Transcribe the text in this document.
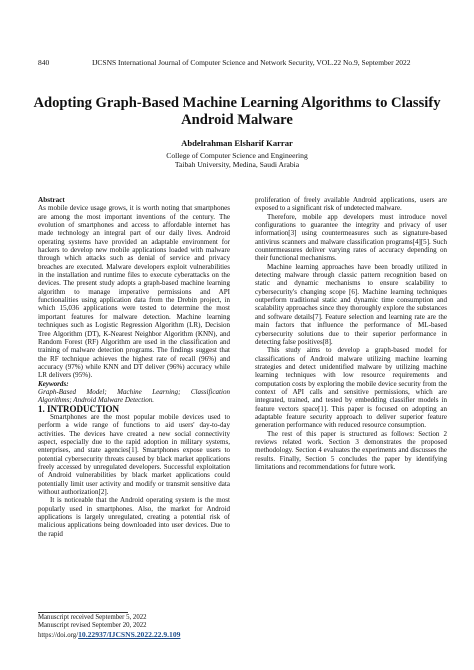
840	IJCSNS International Journal of Computer Science and Network Security, VOL.22 No.9, September 2022
Adopting Graph-Based Machine Learning Algorithms to Classify
Android Malware
Abdelrahman Elsharif Karrar
College of Computer Science and Engineering
Taibah University, Medina, Saudi Arabia

Abstract

As mobile device usage grows, it is worth noting that smartphones are among the most important inventions of the century. The evolution of smartphones and access to affordable internet has made technology an integral part of our daily lives. Android operating systems have provided an adaptable environment for hackers to develop new mobile applications loaded with malware through which attacks such as denial of service and privacy breaches are executed. Malware developers exploit vulnerabilities in the installation and runtime files to execute cyberattacks on the devices. The present study adopts a graph-based machine learning algorithm to manage imperative permissions and API functionalities using application data from the Drebin project, in which 15,036 applications were tested to determine the most important features for malware detection. Machine learning techniques such as Logistic Regression Algorithm (LR), Decision Tree Algorithm (DT), K-Nearest Neighbor Algorithm (KNN), and Random Forest (RF) Algorithm are used in the classification and training of malware detection programs. The findings suggest that the RF technique achieves the highest rate of recall (96%) and accuracy (97%) while KNN and DT deliver (96%) accuracy while LR delivers (95%).

Keywords:

Graph-Based Model; Machine Learning; Classification Algorithms; Android Malware Detection.

1. INTRODUCTION

Smartphones are the most popular mobile devices used to perform a wide range of functions to aid users' day-to-day activities. The devices have created a new social connectivity aspect, especially due to the rapid adoption in military systems, enterprises, and state agencies[1]. Smartphones expose users to potential cybersecurity threats caused by black market applications freely accessed by unregulated developers. Successful exploitation of Android vulnerabilities by black market applications could potentially limit user activity and modify or transmit sensitive data without authorization[2].

It is noticeable that the Android operating system is the most popularly used in smartphones. Also, the market for Android applications is largely unregulated, creating a potential risk of malicious applications being downloaded into user devices. Due to the rapid

proliferation of freely available Android applications, users are exposed to a significant risk of undetected malware.

Therefore, mobile app developers must introduce novel configurations to guarantee the integrity and privacy of user information[3] using countermeasures such as signature-based antivirus scanners and malware classification programs[4][5]. Such countermeasures deliver varying rates of accuracy depending on their functional mechanisms.

Machine learning approaches have been broadly utilized in detecting malware through classic pattern recognition based on static and dynamic mechanisms to ensure scalability to cybersecurity's changing scope [6]. Machine learning techniques outperform traditional static and dynamic time consumption and scalability approaches since they thoroughly explore the substances and software details[7]. Feature selection and learning rate are the main factors that influence the performance of ML-based cybersecurity solutions due to their superior performance in detecting false positives[8].

This study aims to develop a graph-based model for classifications of Android malware utilizing machine learning strategies and detect unidentified malware by utilizing machine learning techniques with low resource requirements and computation costs by exploring the mobile device security from the context of API calls and sensitive permissions, which are integrated, trained, and tested by embedding classifier models in feature vectors space[1]. This paper is focused on adopting an adaptable feature security approach to deliver superior feature generation performance with reduced resource consumption.

The rest of this paper is structured as follows: Section 2 reviews related work. Section 3 demonstrates the proposed methodology. Section 4 evaluates the experiments and discusses the results. Finally, Section 5 concludes the paper by identifying limitations and recommendations for future work.

Manuscript received September 5, 2022
Manuscript revised September 20, 2022
https://doi.org/10.22937/IJCSNS.2022.22.9.109
